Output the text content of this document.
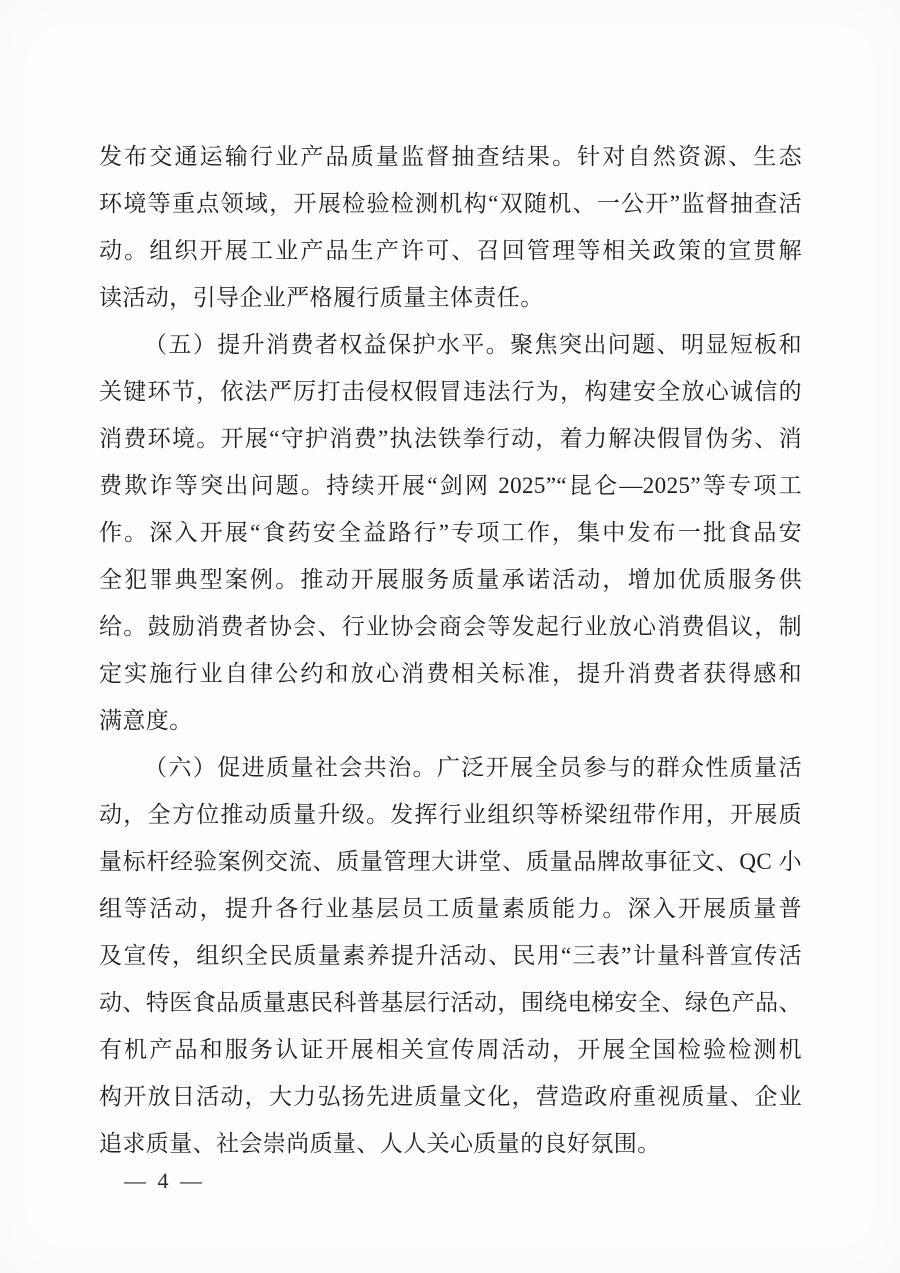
发布交通运输行业产品质量监督抽查结果。针对自然资源、生态
环境等重点领域，开展检验检测机构“双随机、一公开”监督抽查活
动。组织开展工业产品生产许可、召回管理等相关政策的宣贯解
读活动，引导企业严格履行质量主体责任。
（五）提升消费者权益保护水平。聚焦突出问题、明显短板和
关键环节，依法严厉打击侵权假冒违法行为，构建安全放心诚信的
消费环境。开展“守护消费”执法铁拳行动，着力解决假冒伪劣、消
费欺诈等突出问题。持续开展“剑网 2025”“昆仑—2025”等专项工
作。深入开展“食药安全益路行”专项工作，集中发布一批食品安
全犯罪典型案例。推动开展服务质量承诺活动，增加优质服务供
给。鼓励消费者协会、行业协会商会等发起行业放心消费倡议，制
定实施行业自律公约和放心消费相关标准，提升消费者获得感和
满意度。
（六）促进质量社会共治。广泛开展全员参与的群众性质量活
动，全方位推动质量升级。发挥行业组织等桥梁纽带作用，开展质
量标杆经验案例交流、质量管理大讲堂、质量品牌故事征文、QC 小
组等活动，提升各行业基层员工质量素质能力。深入开展质量普
及宣传，组织全民质量素养提升活动、民用“三表”计量科普宣传活
动、特医食品质量惠民科普基层行活动，围绕电梯安全、绿色产品、
有机产品和服务认证开展相关宣传周活动，开展全国检验检测机
构开放日活动，大力弘扬先进质量文化，营造政府重视质量、企业
追求质量、社会崇尚质量、人人关心质量的良好氛围。
— 4 —
